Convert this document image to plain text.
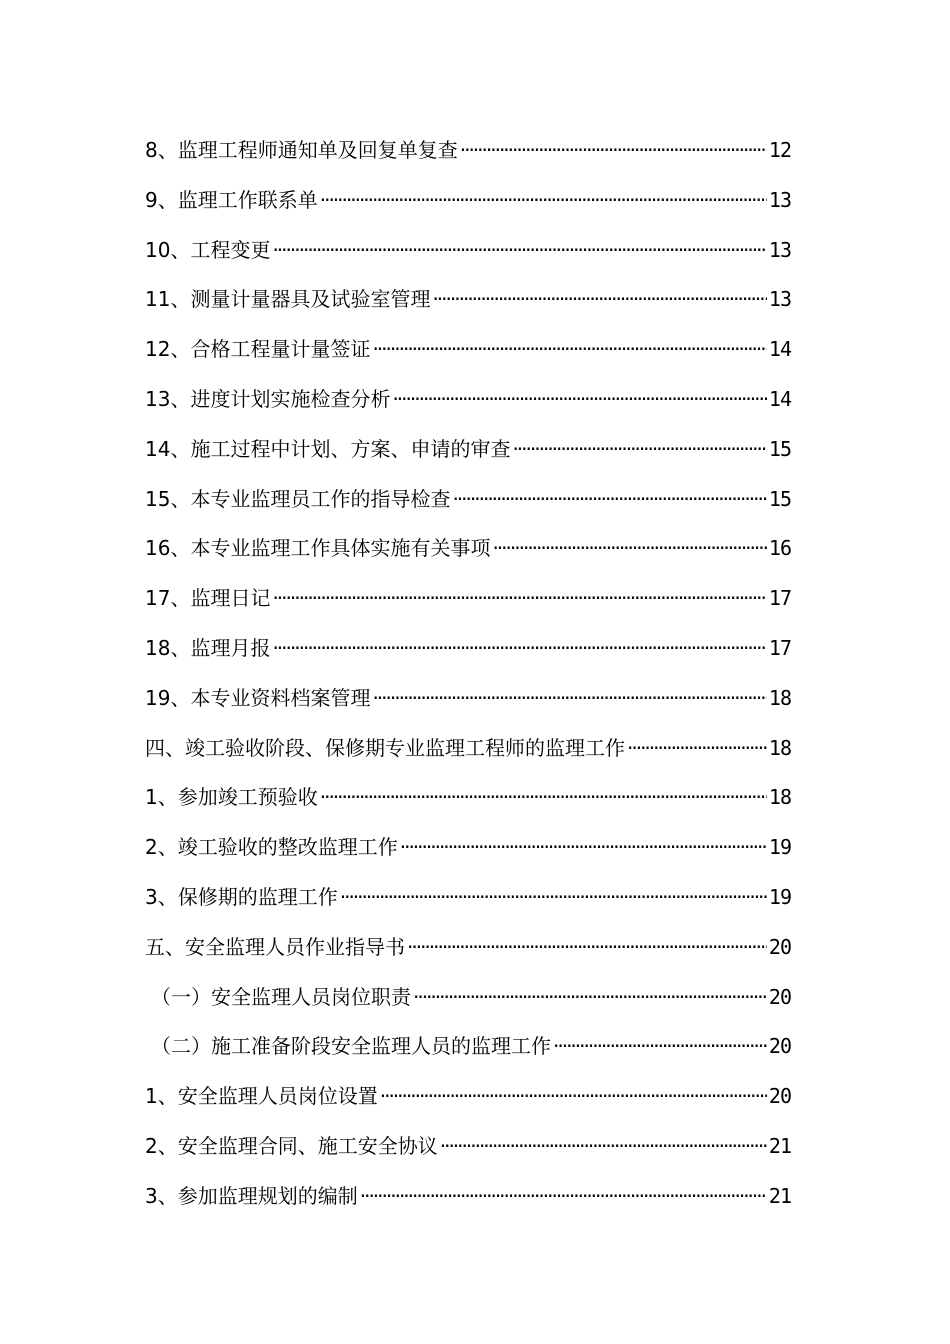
8、监理工程师通知单及回复单复查 ·····	12
9、监理工作联系单 ·····	13
10、工程变更 ·····	13
11、测量计量器具及试验室管理 ·····	13
12、合格工程量计量签证 ·····	14
13、进度计划实施检查分析 ·····	14
14、施工过程中计划、方案、申请的审查 ·····	15
15、本专业监理员工作的指导检查 ·····	15
16、本专业监理工作具体实施有关事项 ·····	16
17、监理日记 ·····	17
18、监理月报 ·····	17
19、本专业资料档案管理 ·····	18
四、竣工验收阶段、保修期专业监理工程师的监理工作 ·····	18
1、参加竣工预验收 ·····	18
2、竣工验收的整改监理工作 ·····	19
3、保修期的监理工作 ·····	19
五、安全监理人员作业指导书 ·····	20
（一）安全监理人员岗位职责 ·····	20
（二）施工准备阶段安全监理人员的监理工作 ·····	20
1、安全监理人员岗位设置 ·····	20
2、安全监理合同、施工安全协议 ·····	21
3、参加监理规划的编制 ·····	21
